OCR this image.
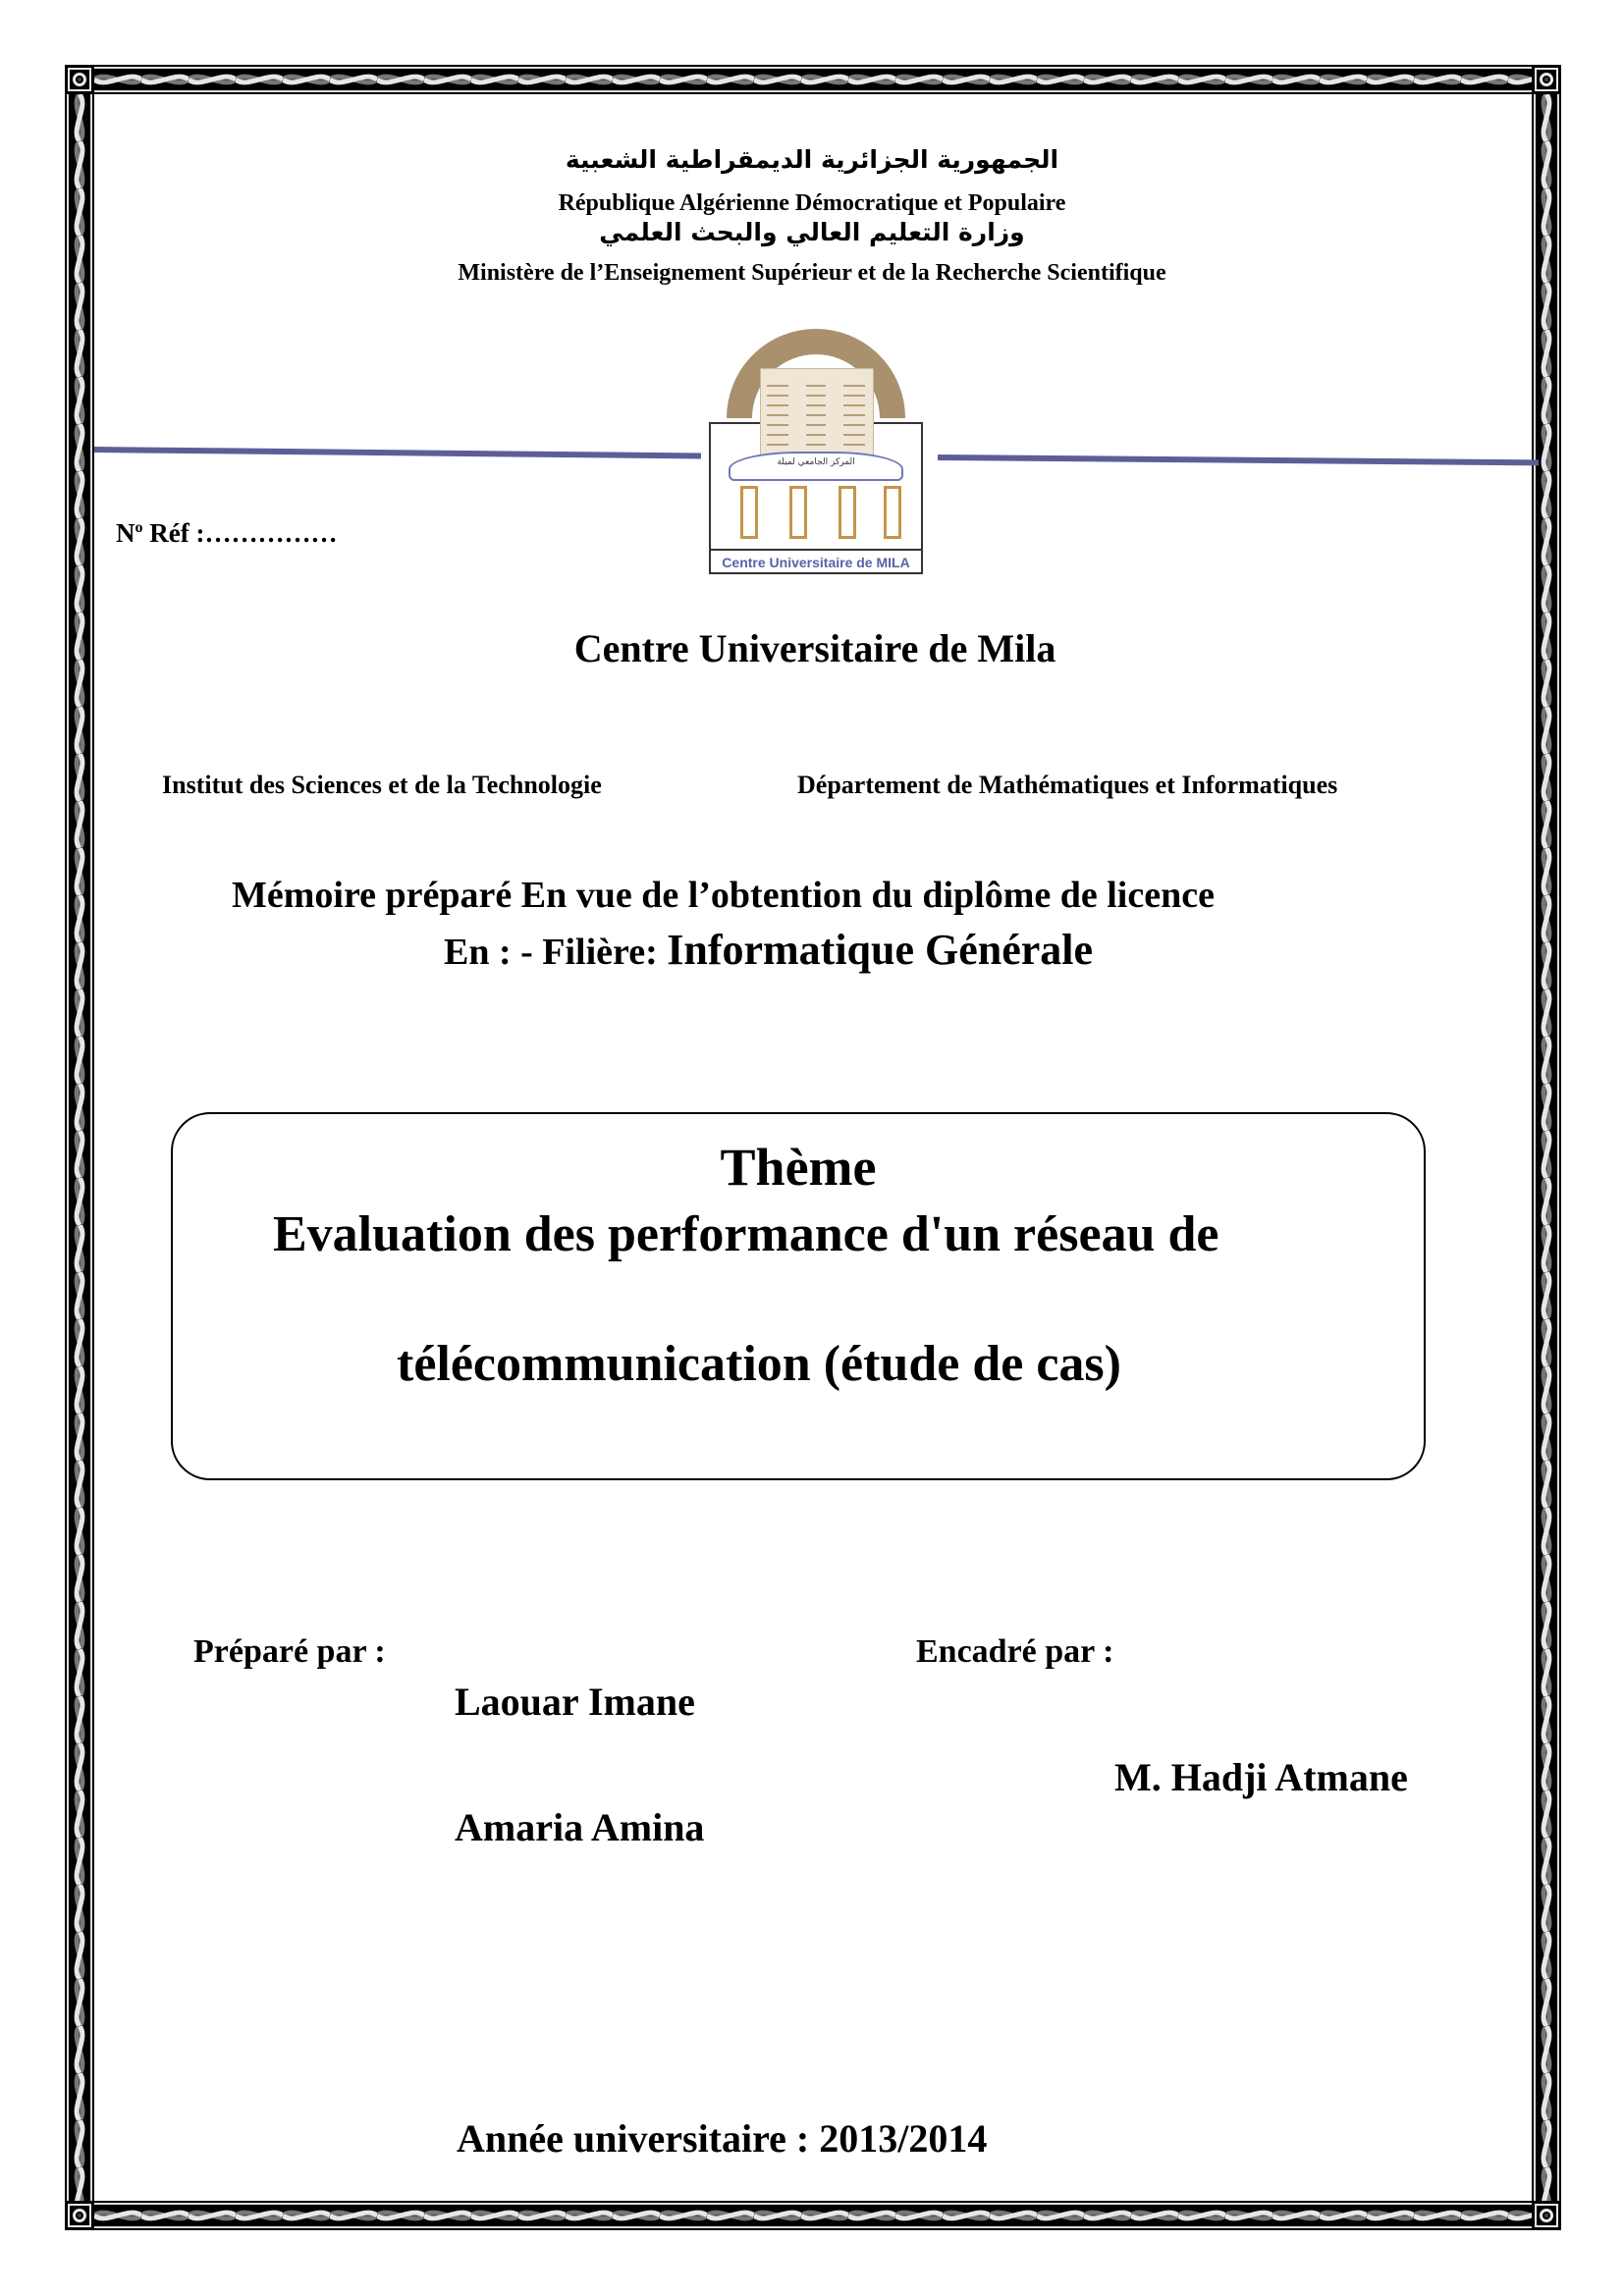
الجمهورية الجزائرية الديمقراطية الشعبية
République Algérienne Démocratique et Populaire
وزارة التعليم العالي والبحث العلمي
Ministère de l’Enseignement Supérieur et de la Recherche Scientifique
المركز الجامعي لميلة
Centre Universitaire de MILA
$N^o$ Réf :……………
Centre Universitaire de Mila
Institut des Sciences et de la Technologie	Département de Mathématiques et Informatiques
Mémoire préparé En vue de l’obtention du diplôme de licence
En : - Filière: Informatique Générale
Thème
Evaluation des performance d'un réseau de
télécommunication (étude de cas)
Préparé par :
Laouar Imane
Amaria Amina
Encadré par :
M. Hadji Atmane
Année universitaire : 2013/2014
